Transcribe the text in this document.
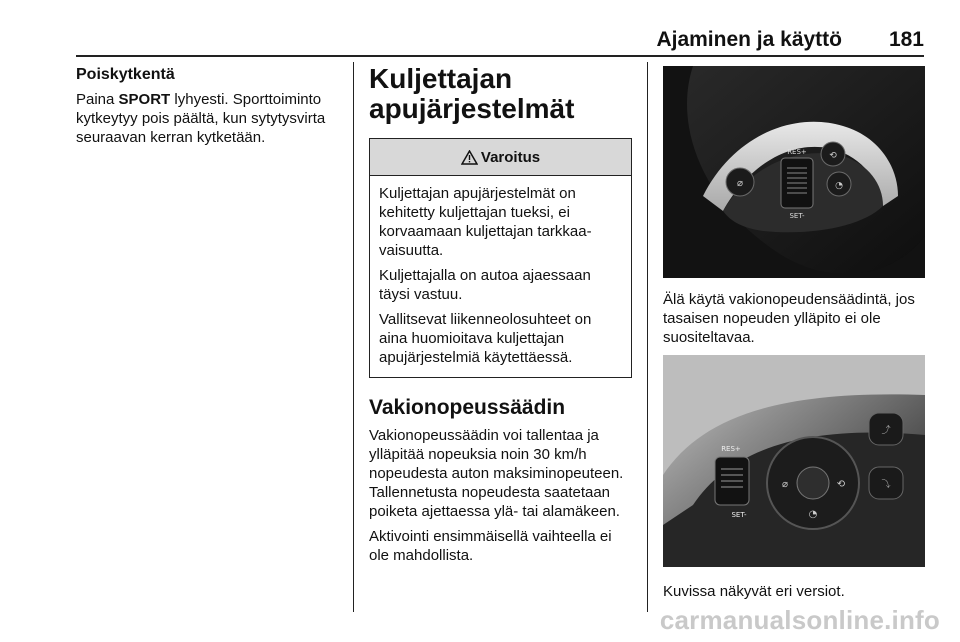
Ajaminen ja käyttö 181
Poiskytkentä

Paina SPORT lyhyesti. Sporttoiminto kytkeytyy pois päältä, kun sytytysvirta seuraavan kerran kytketään.

Kuljettajan
apujärjestelmät
Varoitus

Kuljettajan apujärjestelmät on kehitetty kuljettajan tueksi, ei korvaamaan kuljettajan tarkkaavaisuutta.

Kuljettajalla on autoa ajaessaan täysi vastuu.

Vallitsevat liikenneolosuhteet on aina huomioitava kuljettajan apujärjestelmiä käytettäessä.

Vakionopeussäädin

Vakionopeussäädin voi tallentaa ja ylläpitää nopeuksia noin 30 km/h nopeudesta auton maksiminopeuteen. Tallennetusta nopeudesta saatetaan poiketa ajettaessa ylä- tai alamäkeen.

Aktivointi ensimmäisellä vaihteella ei ole mahdollista.

⌀
RES+
SET-
⟲
◔
Älä käytä vakionopeudensäädintä, jos tasaisen nopeuden ylläpito ei ole suositeltavaa.
RES+
SET-
⌀	⟲
◔
⤴
⤵
Kuvissa näkyvät eri versiot.
carmanualsonline.info
